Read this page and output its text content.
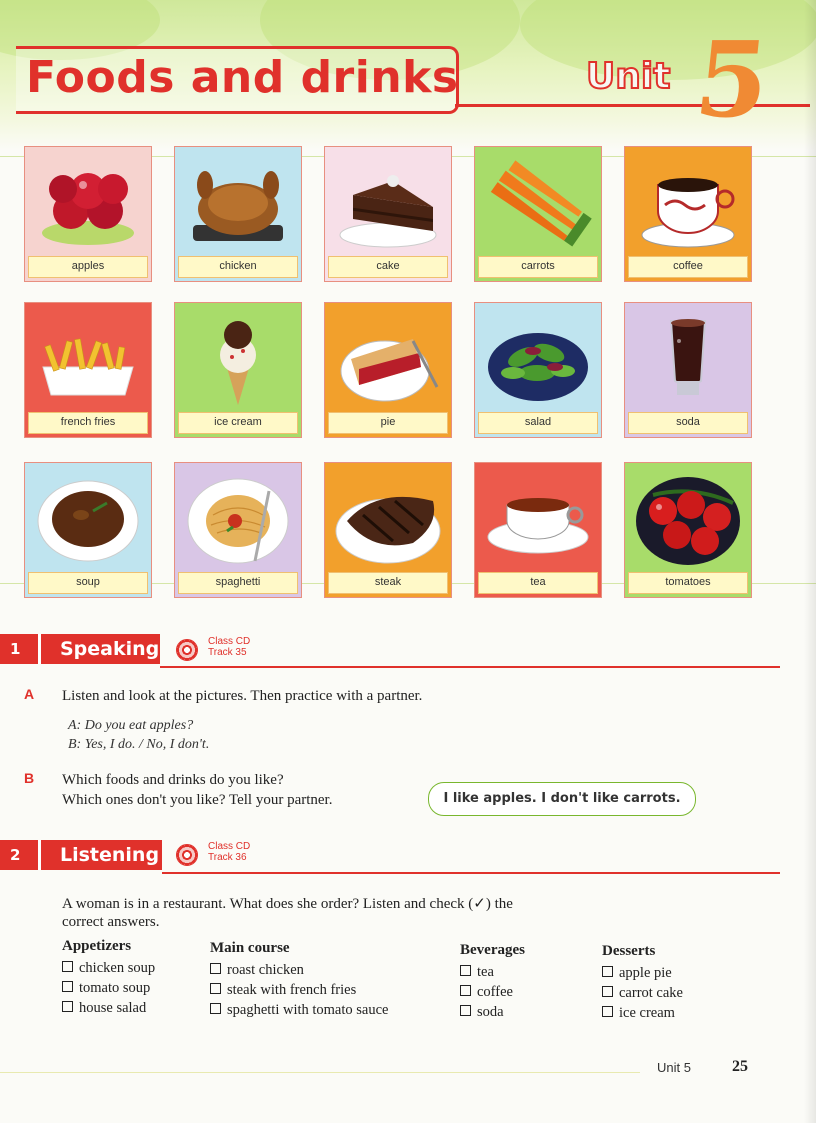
Foods and drinks	Unit 5
apples	chicken	cake	carrots	coffee
french fries	ice cream	pie	salad	soda
soup	spaghetti	steak	tea	tomatoes
1	Speaking	Class CD
Track 35
A Listen and look at the pictures. Then practice with a partner.
A: Do you eat apples?
B: Yes, I do. / No, I don't.
B Which foods and drinks do you like?
Which ones don't you like? Tell your partner.	I like apples. I don't like carrots.
2	Listening	Class CD
Track 36
A woman is in a restaurant. What does she order? Listen and check (✓) the
correct answers.
Appetizers
chicken soup
tomato soup
house salad
Main course
roast chicken
steak with french fries
spaghetti with tomato sauce
Beverages
tea
coffee
soda
Desserts
apple pie
carrot cake
ice cream
Unit 5	25
